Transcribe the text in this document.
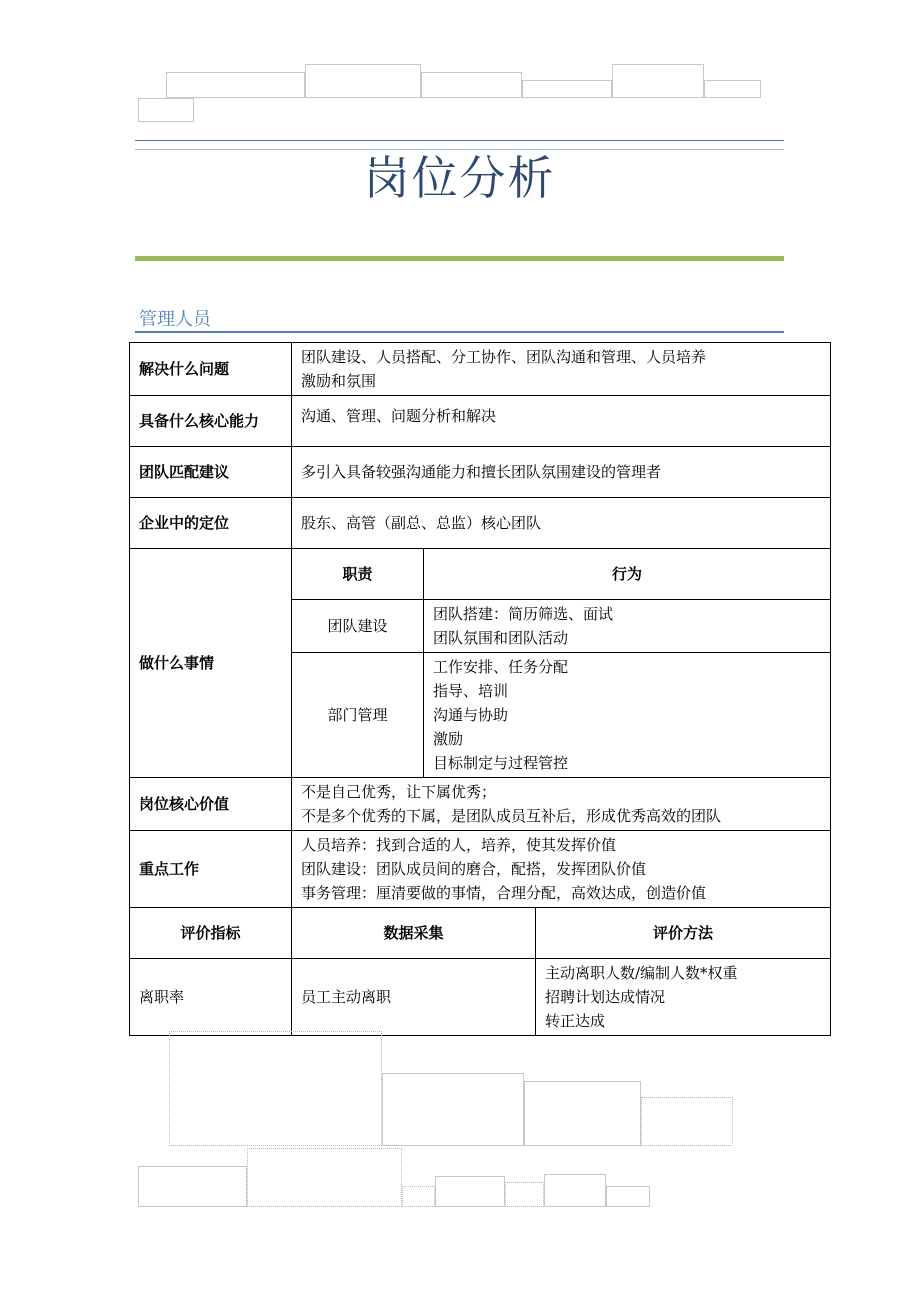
岗位分析
管理人员
解决什么问题	团队建设、人员搭配、分工协作、团队沟通和管理、人员培养
激励和氛围		

具备什么核心能力	沟通、管理、问题分析和解决		
团队匹配建议	多引入具备较强沟通能力和擅长团队氛围建设的管理者		
企业中的定位	股东、高管（副总、总监）核心团队		
做什么事情	职责	行为	
	团队建设	团队搭建：简历筛选、面试
团队氛围和团队活动	

	部门管理	工作安排、任务分配
指导、培训
沟通与协助
激励
目标制定与过程管控	

岗位核心价值	不是自己优秀，让下属优秀；
不是多个优秀的下属，是团队成员互补后，形成优秀高效的团队		

重点工作	人员培养：找到合适的人，培养，使其发挥价值
团队建设：团队成员间的磨合，配搭，发挥团队价值
事务管理：厘清要做的事情，合理分配，高效达成，创造价值		

评价指标	数据采集		评价方法
离职率	员工主动离职		主动离职人数/编制人数*权重
招聘计划达成情况
转正达成
